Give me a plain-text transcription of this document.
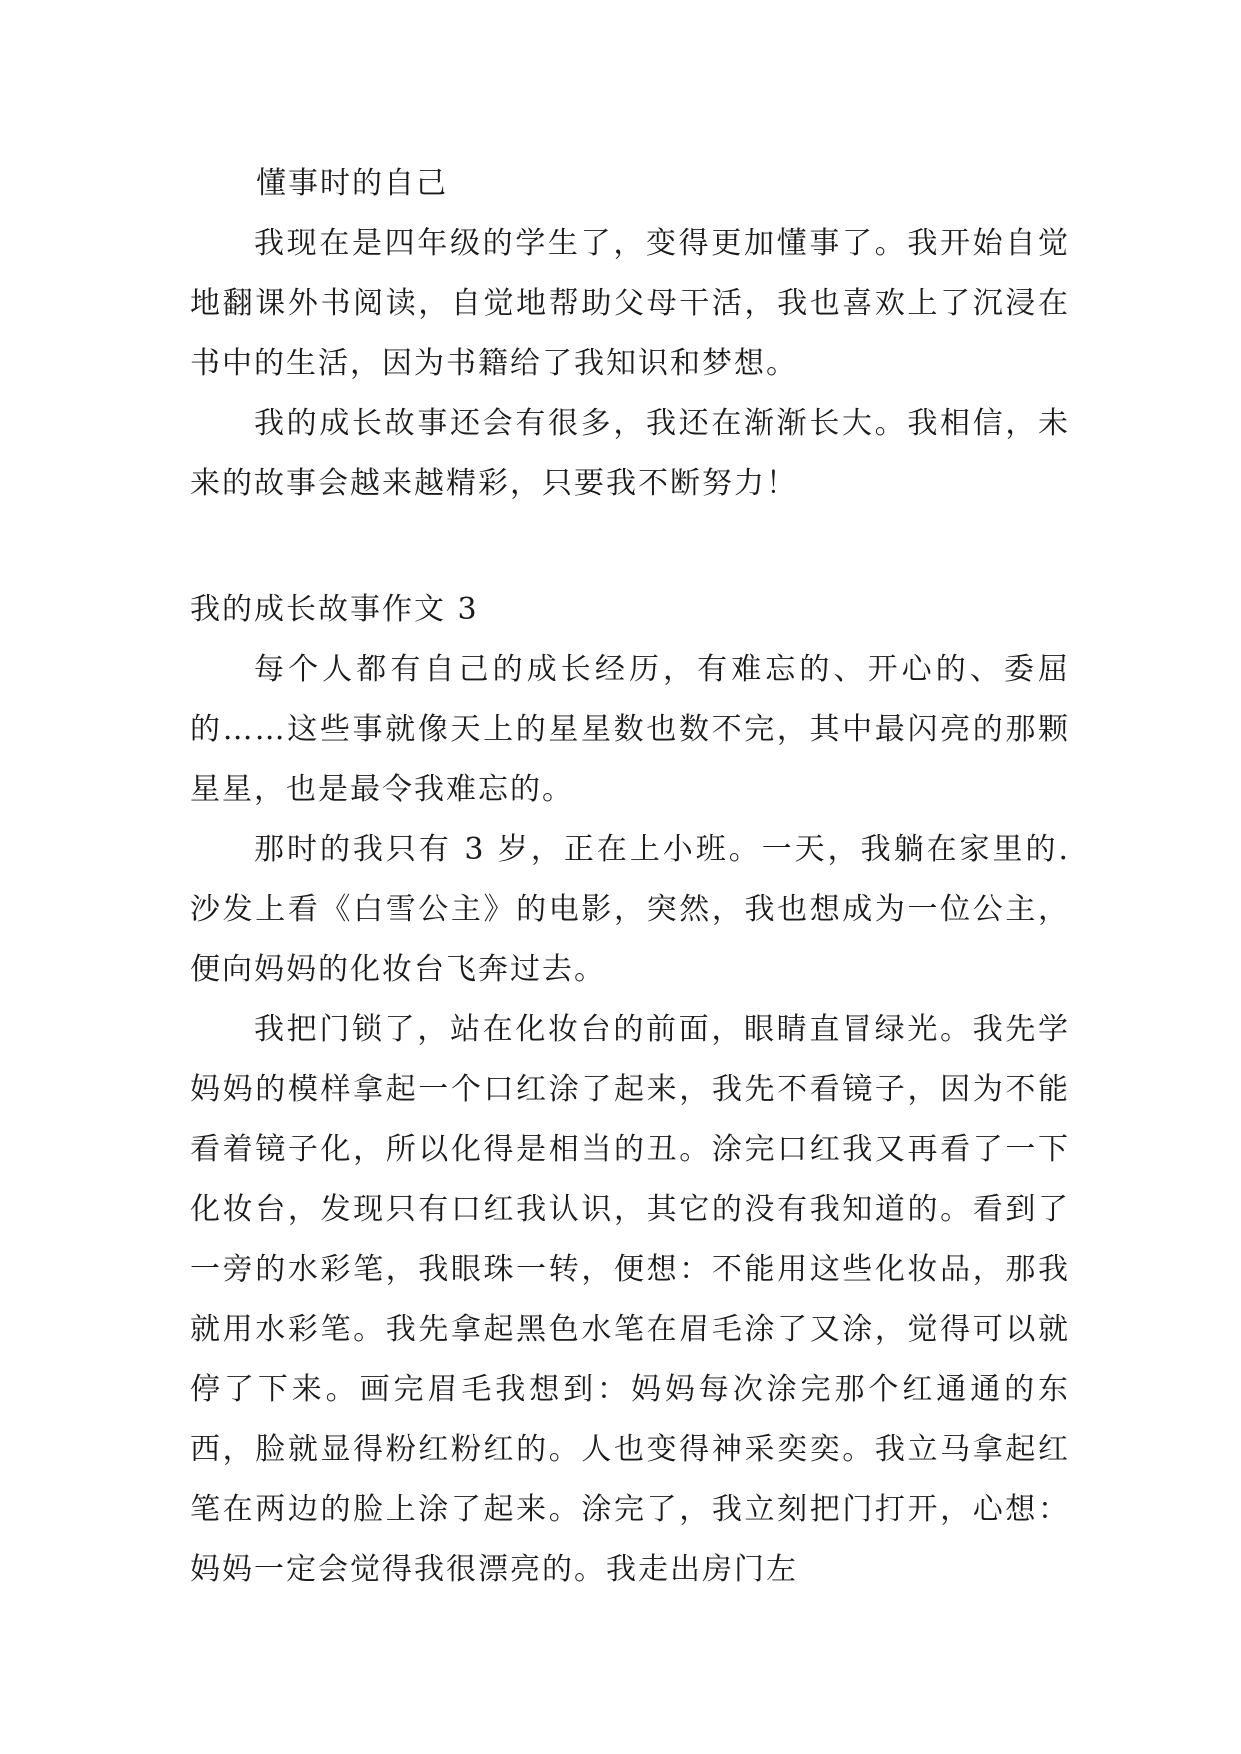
懂事时的自己

我现在是四年级的学生了，变得更加懂事了。我开始自觉地翻课外书阅读，自觉地帮助父母干活，我也喜欢上了沉浸在书中的生活，因为书籍给了我知识和梦想。

我的成长故事还会有很多，我还在渐渐长大。我相信，未来的故事会越来越精彩，只要我不断努力！

我的成长故事作文 3

每个人都有自己的成长经历，有难忘的、开心的、委屈的……这些事就像天上的星星数也数不完，其中最闪亮的那颗星星，也是最令我难忘的。

那时的我只有 3 岁，正在上小班。一天，我躺在家里的.沙发上看《白雪公主》的电影，突然，我也想成为一位公主，便向妈妈的化妆台飞奔过去。

我把门锁了，站在化妆台的前面，眼睛直冒绿光。我先学妈妈的模样拿起一个口红涂了起来，我先不看镜子，因为不能看着镜子化，所以化得是相当的丑。涂完口红我又再看了一下化妆台，发现只有口红我认识，其它的没有我知道的。看到了一旁的水彩笔，我眼珠一转，便想：不能用这些化妆品，那我就用水彩笔。我先拿起黑色水笔在眉毛涂了又涂，觉得可以就停了下来。画完眉毛我想到：妈妈每次涂完那个红通通的东西，脸就显得粉红粉红的。人也变得神采奕奕。我立马拿起红笔在两边的脸上涂了起来。涂完了，我立刻把门打开，心想：妈妈一定会觉得我很漂亮的。我走出房门左
